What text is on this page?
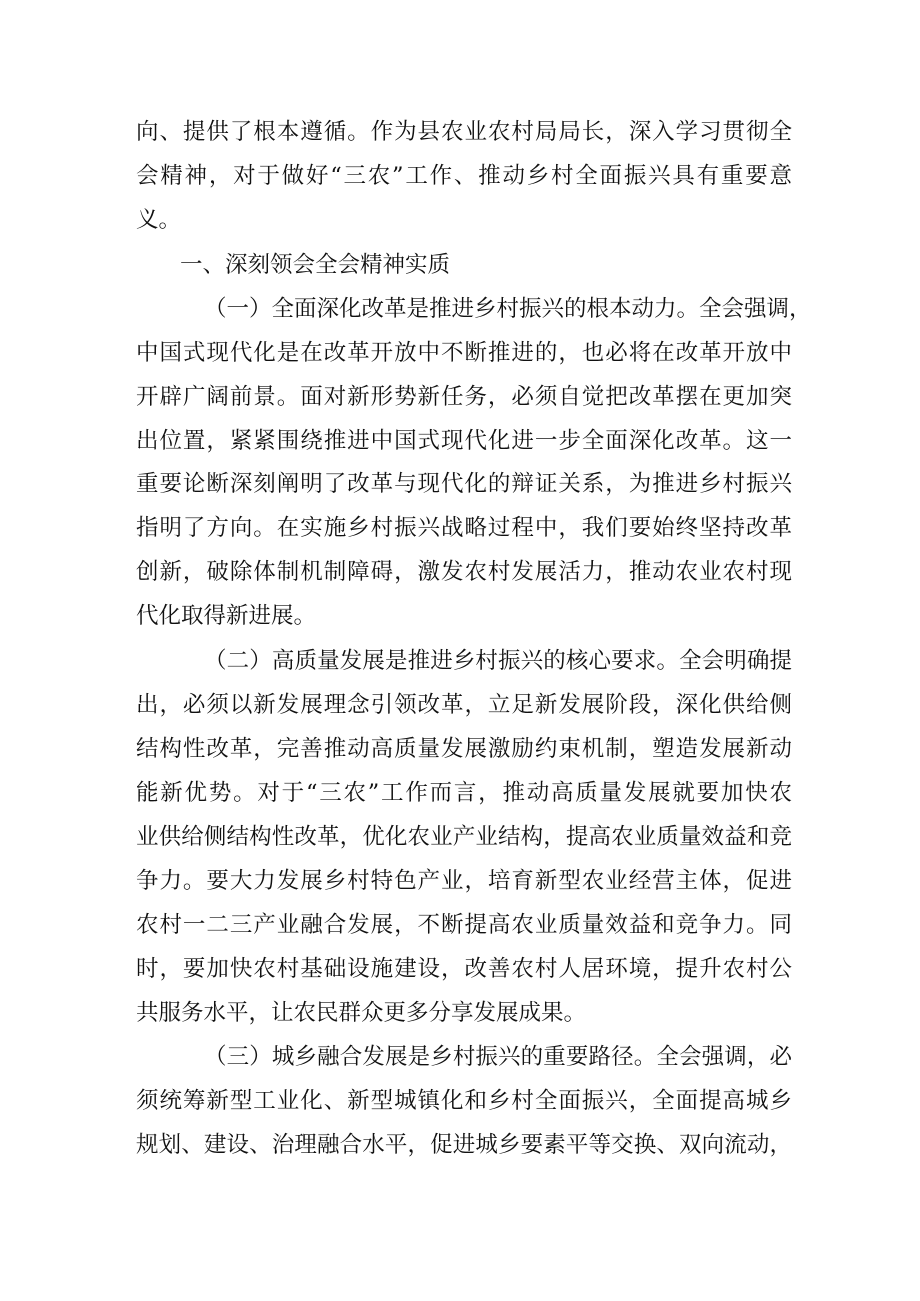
向、提供了根本遵循。作为县农业农村局局长，深入学习贯彻全
会精神，对于做好“三农”工作、推动乡村全面振兴具有重要意
义。
一、深刻领会全会精神实质
（一）全面深化改革是推进乡村振兴的根本动力。全会强调，
中国式现代化是在改革开放中不断推进的，也必将在改革开放中
开辟广阔前景。面对新形势新任务，必须自觉把改革摆在更加突
出位置，紧紧围绕推进中国式现代化进一步全面深化改革。这一
重要论断深刻阐明了改革与现代化的辩证关系，为推进乡村振兴
指明了方向。在实施乡村振兴战略过程中，我们要始终坚持改革
创新，破除体制机制障碍，激发农村发展活力，推动农业农村现
代化取得新进展。
（二）高质量发展是推进乡村振兴的核心要求。全会明确提
出，必须以新发展理念引领改革，立足新发展阶段，深化供给侧
结构性改革，完善推动高质量发展激励约束机制，塑造发展新动
能新优势。对于“三农”工作而言，推动高质量发展就要加快农
业供给侧结构性改革，优化农业产业结构，提高农业质量效益和竞
争力。要大力发展乡村特色产业，培育新型农业经营主体，促进
农村一二三产业融合发展，不断提高农业质量效益和竞争力。同
时，要加快农村基础设施建设，改善农村人居环境，提升农村公
共服务水平，让农民群众更多分享发展成果。
（三）城乡融合发展是乡村振兴的重要路径。全会强调，必
须统筹新型工业化、新型城镇化和乡村全面振兴，全面提高城乡
规划、建设、治理融合水平，促进城乡要素平等交换、双向流动，
